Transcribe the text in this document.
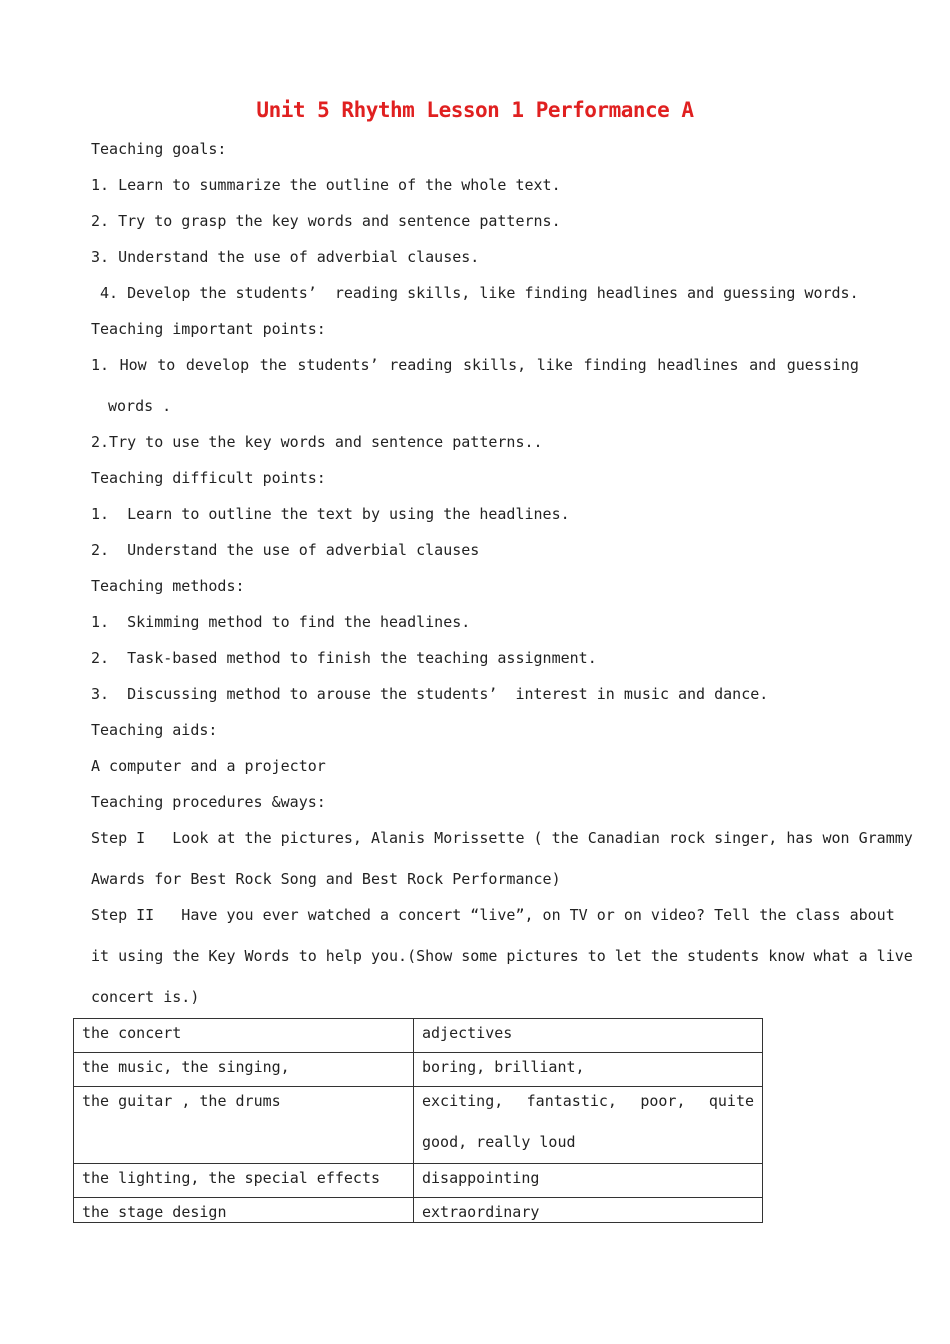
Unit 5 Rhythm Lesson 1 Performance A
Teaching goals:
1. Learn to summarize the outline of the whole text.
2. Try to grasp the key words and sentence patterns.
3. Understand the use of adverbial clauses.
4. Develop the students’  reading skills, like finding headlines and guessing words.
Teaching important points:
1. How to develop the students’ reading skills, like finding headlines and guessing
words .
2.Try to use the key words and sentence patterns..
Teaching difficult points:
1.  Learn to outline the text by using the headlines.
2.  Understand the use of adverbial clauses
Teaching methods:
1.  Skimming method to find the headlines.
2.  Task-based method to finish the teaching assignment.
3.  Discussing method to arouse the students’  interest in music and dance.
Teaching aids:
A computer and a projector
Teaching procedures &ways:
Step I   Look at the pictures, Alanis Morissette ( the Canadian rock singer, has won Grammy
Awards for Best Rock Song and Best Rock Performance)
Step II   Have you ever watched a concert “live”, on TV or on video? Tell the class about
it using the Key Words to help you.(Show some pictures to let the students know what a live
concert is.)
the concert	adjectives
the music, the singing,	boring, brilliant,
the guitar , the drums	exciting, fantastic, poor, quite good, really loud

the lighting, the special effects	disappointing
the stage design	extraordinary
